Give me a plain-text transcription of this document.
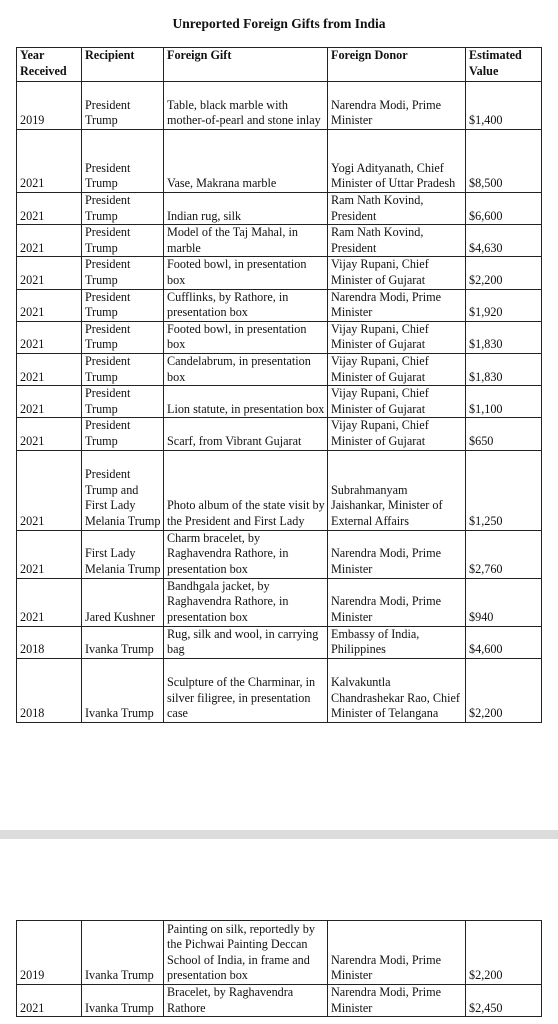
Unreported Foreign Gifts from India
Year Received	Recipient	Foreign Gift	Foreign Donor	Estimated Value
2019	President Trump	Table, black marble with mother-of-pearl and stone inlay	Narendra Modi, Prime Minister	$1,400
2021	President Trump	Vase, Makrana marble	Yogi Adityanath, Chief Minister of Uttar Pradesh	$8,500
2021	President Trump	Indian rug, silk	Ram Nath Kovind, President	$6,600
2021	President Trump	Model of the Taj Mahal, in marble	Ram Nath Kovind, President	$4,630
2021	President Trump	Footed bowl, in presentation box	Vijay Rupani, Chief Minister of Gujarat	$2,200
2021	President Trump	Cufflinks, by Rathore, in presentation box	Narendra Modi, Prime Minister	$1,920
2021	President Trump	Footed bowl, in presentation box	Vijay Rupani, Chief Minister of Gujarat	$1,830
2021	President Trump	Candelabrum, in presentation box	Vijay Rupani, Chief Minister of Gujarat	$1,830
2021	President Trump	Lion statute, in presentation box	Vijay Rupani, Chief Minister of Gujarat	$1,100
2021	President Trump	Scarf, from Vibrant Gujarat	Vijay Rupani, Chief Minister of Gujarat	$650
2021	President Trump and First Lady Melania Trump	Photo album of the state visit by the President and First Lady	Subrahmanyam Jaishankar, Minister of External Affairs	$1,250
2021	First Lady Melania Trump	Charm bracelet, by Raghavendra Rathore, in presentation box	Narendra Modi, Prime Minister	$2,760
2021	Jared Kushner	Bandhgala jacket, by Raghavendra Rathore, in presentation box	Narendra Modi, Prime Minister	$940
2018	Ivanka Trump	Rug, silk and wool, in carrying bag	Embassy of India, Philippines	$4,600
2018	Ivanka Trump	Sculpture of the Charminar, in silver filigree, in presentation case	Kalvakuntla Chandrashekar Rao, Chief Minister of Telangana	$2,200
2019	Ivanka Trump	Painting on silk, reportedly by the Pichwai Painting Deccan School of India, in frame and presentation box	Narendra Modi, Prime Minister	$2,200
2021	Ivanka Trump	Bracelet, by Raghavendra Rathore	Narendra Modi, Prime Minister	$2,450
